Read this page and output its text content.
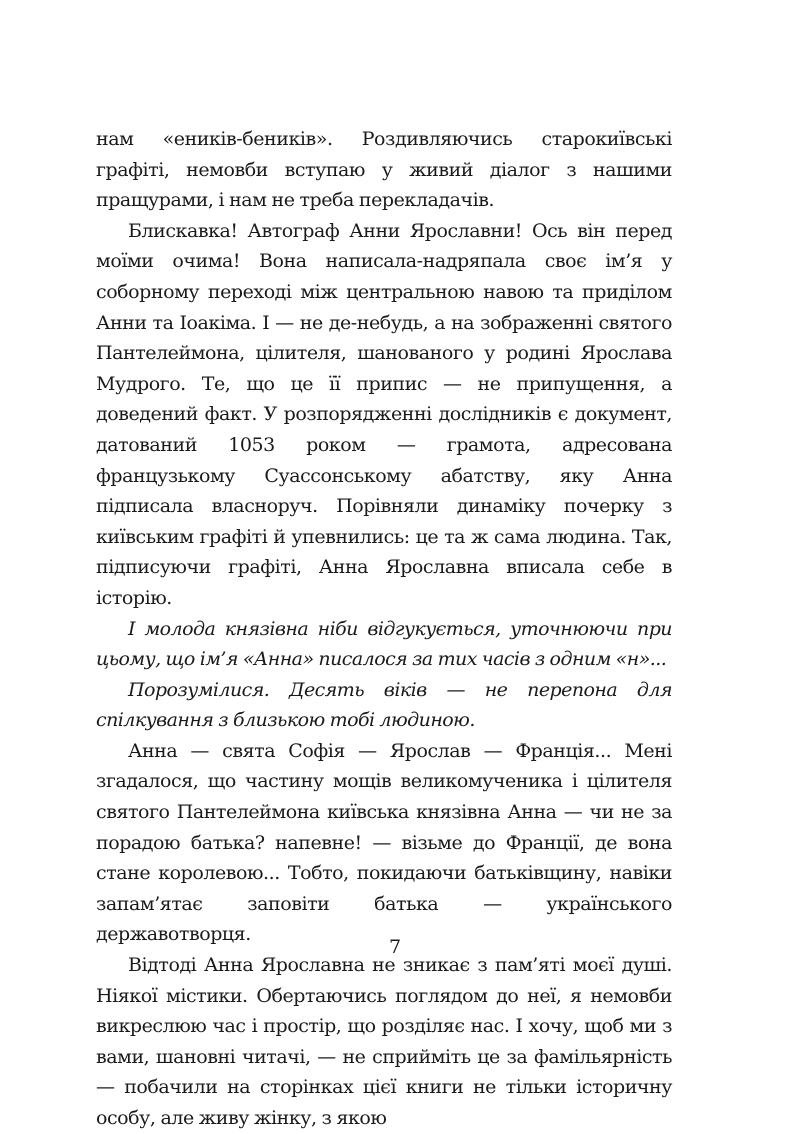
нам «еників-беників». Роздивляючись старокиївські графіті, немовби вступаю у живий діалог з нашими пращурами, і нам не треба перекладачів.

Блискавка! Автограф Анни Ярославни! Ось він перед моїми очима! Вона написала-надряпала своє ім’я у соборному переході між центральною навою та приділом Анни та Іоакіма. І — не де-небудь, а на зображенні святого Пантелеймона, цілителя, шанованого у родині Ярослава Мудрого. Те, що це її припис — не припущення, а доведений факт. У розпорядженні дослідників є документ, датований 1053 роком — грамота, адресована французькому Суассонському абатству, яку Анна підписала власноруч. Порівняли динаміку почерку з київським графіті й упевнились: це та ж сама людина. Так, підписуючи графіті, Анна Ярославна вписала себе в історію.

І молода князівна ніби відгукується, уточнюючи при цьому, що ім’я «Анна» писалося за тих часів з одним «н»...

Порозумілися. Десять віків — не перепона для спілкування з близькою тобі людиною.

Анна — свята Софія — Ярослав — Франція... Мені згадалося, що частину мощів великомученика і цілителя святого Пантелеймона київська князівна Анна — чи не за порадою батька? напевне! — візьме до Франції, де вона стане королевою... Тобто, покидаючи батьківщину, навіки запам’ятає заповіти батька — українського державотворця.

Відтоді Анна Ярославна не зникає з пам’яті моєї душі. Ніякої містики. Обертаючись поглядом до неї, я немовби викреслюю час і простір, що розділяє нас. І хочу, щоб ми з вами, шановні читачі, — не сприйміть це за фамільярність — побачили на сторінках цієї книги не тільки історичну особу, але живу жінку, з якою

7
